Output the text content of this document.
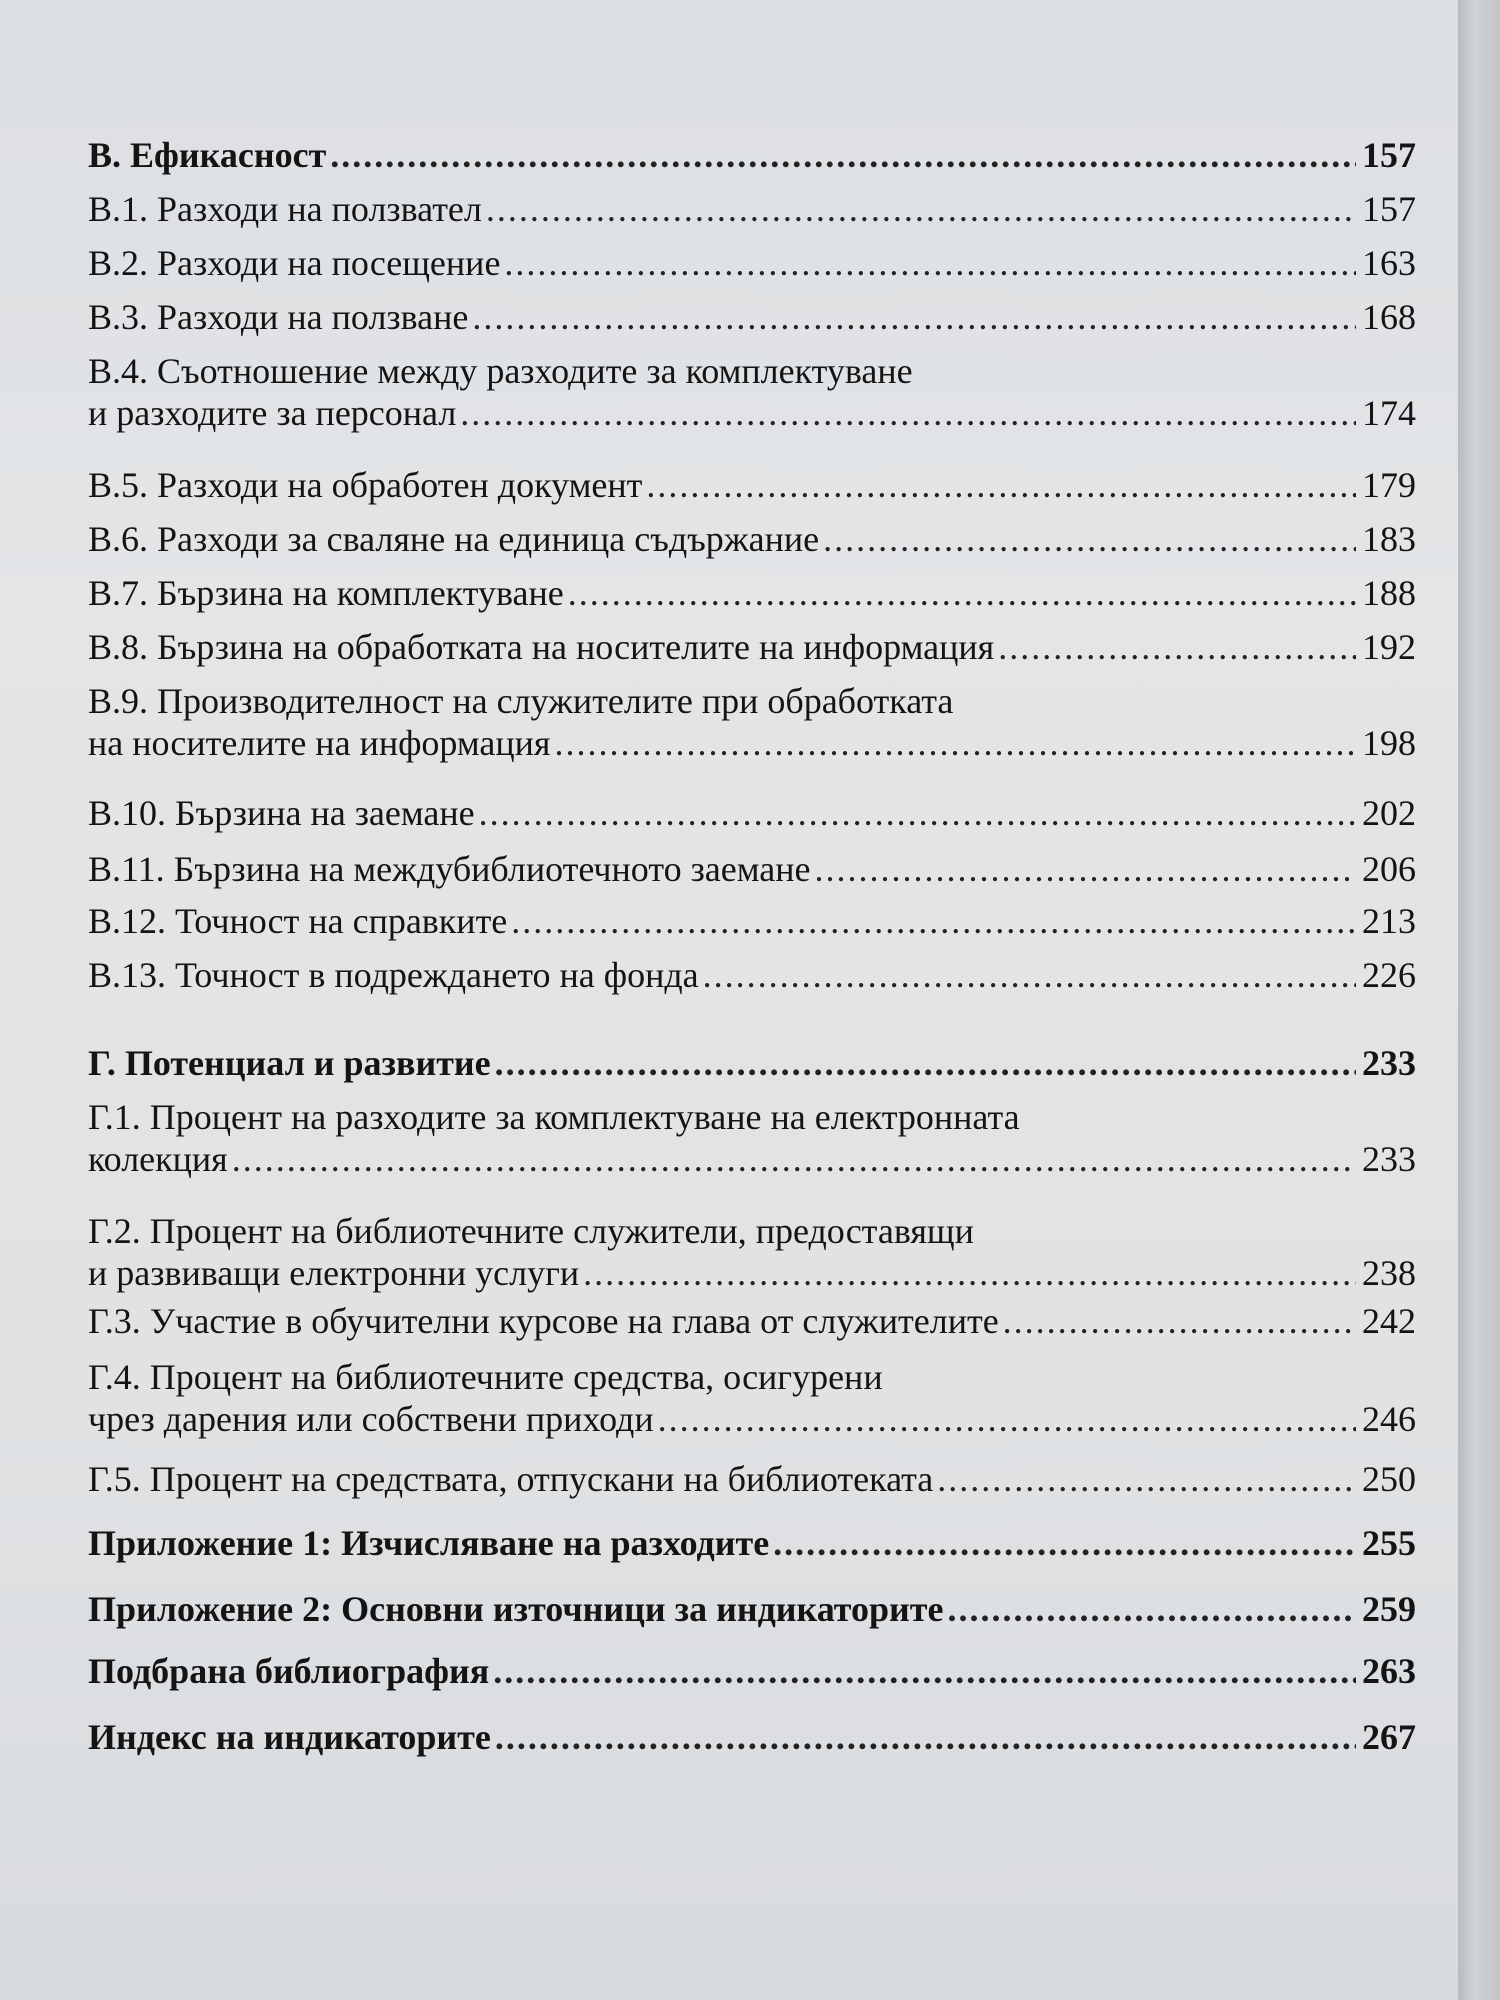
В. Ефикасност .....	157
В.1. Разходи на ползвател .....	157
В.2. Разходи на посещение .....	163
В.3. Разходи на ползване .....	168
В.4. Съотношение между разходите за комплектуване
и разходите за персонал .....	174
В.5. Разходи на обработен документ .....	179
В.6. Разходи за сваляне на единица съдържание .....	183
В.7. Бързина на комплектуване .....	188
В.8. Бързина на обработката на носителите на информация .....	192
В.9. Производителност на служителите при обработката
на носителите на информация .....	198
В.10. Бързина на заемане .....	202
В.11. Бързина на междубиблиотечното заемане .....	206
В.12. Точност на справките .....	213
В.13. Точност в подреждането на фонда .....	226
Г. Потенциал и развитие .....	233
Г.1. Процент на разходите за комплектуване на електронната
колекция .....	233
Г.2. Процент на библиотечните служители, предоставящи
и развиващи електронни услуги .....	238
Г.3. Участие в обучителни курсове на глава от служителите .....	242
Г.4. Процент на библиотечните средства, осигурени
чрез дарения или собствени приходи .....	246
Г.5. Процент на средствата, отпускани на библиотеката .....	250
Приложение 1: Изчисляване на разходите .....	255
Приложение 2: Основни източници за индикаторите .....	259
Подбрана библиография .....	263
Индекс на индикаторите .....	267
